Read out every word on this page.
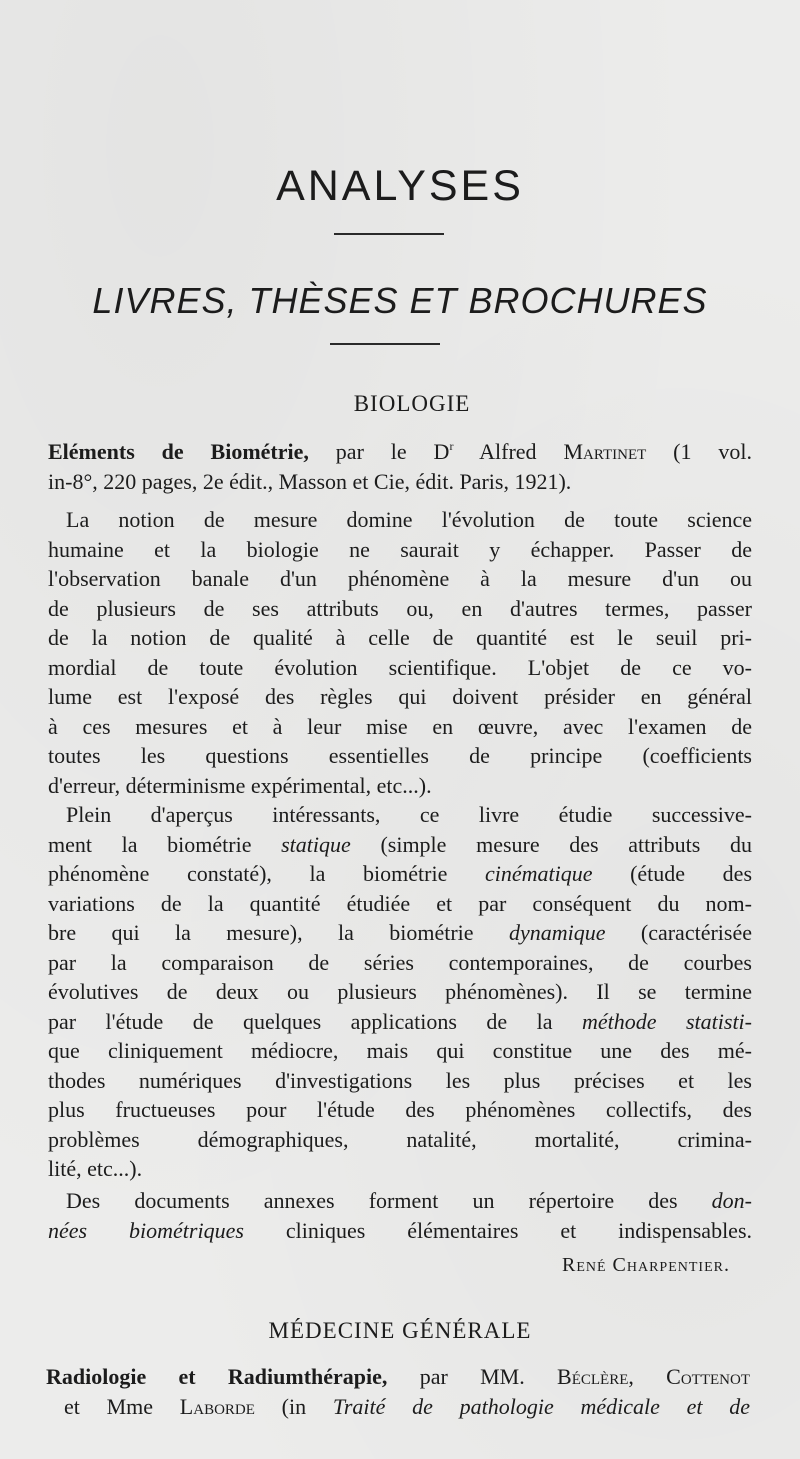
ANALYSES
LIVRES, THÈSES ET BROCHURES
BIOLOGIE
Eléments de Biométrie, par le $D^r$ Alfred Martinet (1 vol.
in-8°, 220 pages, 2e édit., Masson et Cie, édit. Paris, 1921).
La notion de mesure domine l'évolution de toute science
humaine et la biologie ne saurait y échapper. Passer de
l'observation banale d'un phénomène à la mesure d'un ou
de plusieurs de ses attributs ou, en d'autres termes, passer
de la notion de qualité à celle de quantité est le seuil pri-
mordial de toute évolution scientifique. L'objet de ce vo-
lume est l'exposé des règles qui doivent présider en général
à ces mesures et à leur mise en œuvre, avec l'examen de
toutes les questions essentielles de principe (coefficients
d'erreur, déterminisme expérimental, etc...).
Plein d'aperçus intéressants, ce livre étudie successive-
ment la biométrie statique (simple mesure des attributs du
phénomène constaté), la biométrie cinématique (étude des
variations de la quantité étudiée et par conséquent du nom-
bre qui la mesure), la biométrie dynamique (caractérisée
par la comparaison de séries contemporaines, de courbes
évolutives de deux ou plusieurs phénomènes). Il se termine
par l'étude de quelques applications de la méthode statisti-
que cliniquement médiocre, mais qui constitue une des mé-
thodes numériques d'investigations les plus précises et les
plus fructueuses pour l'étude des phénomènes collectifs, des
problèmes démographiques, natalité, mortalité, crimina-
lité, etc...).
Des documents annexes forment un répertoire des don-
nées biométriques cliniques élémentaires et indispensables.
René Charpentier.
MÉDECINE GÉNÉRALE
Radiologie et Radiumthérapie, par MM. Béclère, Cottenot
et Mme Laborde (in Traité de pathologie médicale et de
